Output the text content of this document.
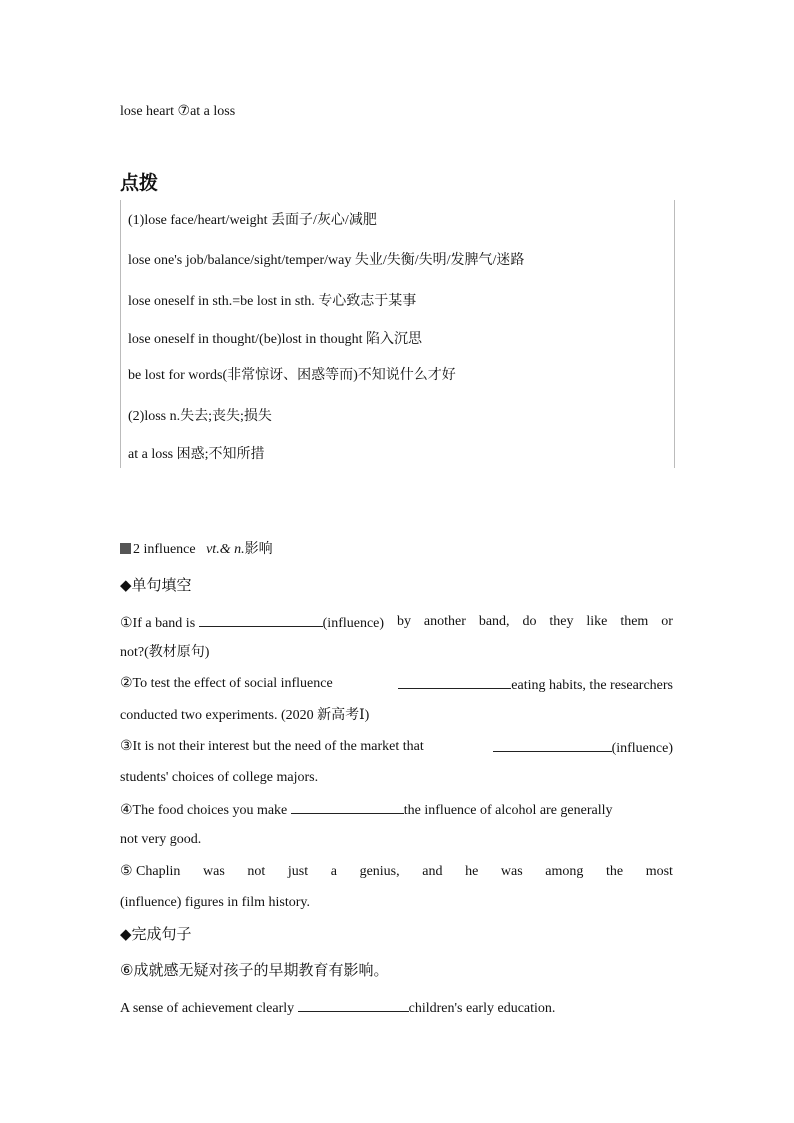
lose heart ⑦at a loss
点拨
(1)lose face/heart/weight 丢面子/灰心/减肥
lose one's job/balance/sight/temper/way 失业/失衡/失明/发脾气/迷路
lose oneself in sth.=be lost in sth. 专心致志于某事
lose oneself in thought/(be)lost in thought 陷入沉思
be lost for words(非常惊讶、困惑等而)不知说什么才好
(2)loss n.失去;丧失;损失
at a loss 困惑;不知所措
2 influence vt.& n.影响
◆单句填空
①If a band is	(influence) by another band, do they like them or
not?(教材原句)
②To test the effect of social influence	eating habits, the researchers
conducted two experiments. (2020 新高考Ⅰ)
③It is not their interest but the need of the market that	(influence)
students' choices of college majors.
④The food choices you make	the influence of alcohol are generally
not very good.
⑤ Chaplin was not just a genius, and he was among the most
(influence) figures in film history.
◆完成句子
⑥成就感无疑对孩子的早期教育有影响。
A sense of achievement clearly	children's early education.
